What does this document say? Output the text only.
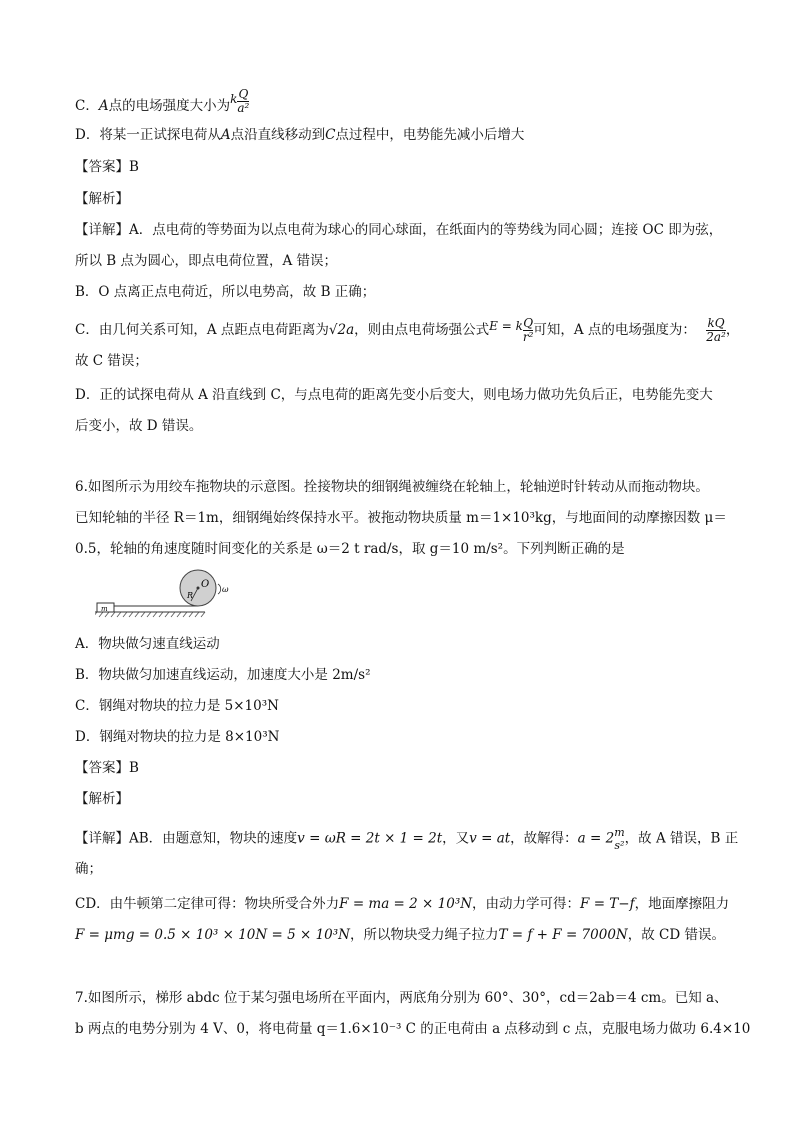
C．A点的电场强度大小为k $\frac{Q}{\text{a²}}$
D．将某一正试探电荷从A点沿直线移动到C点过程中，电势能先减小后增大
【答案】B
【解析】
【详解】A．点电荷的等势面为以点电荷为球心的同心球面，在纸面内的等势线为同心圆；连接 OC 即为弦，
所以 B 点为圆心，即点电荷位置，A 错误；
B．O 点离正点电荷近，所以电势高，故 B 正确；
C．由几何关系可知，A 点距点电荷距离为√2a，则由点电荷场强公式E = k $\frac{Q}{\text{r²}}$ 可知，A 点的电场强度为： $\frac{kQ}{\text{2a²}}$ ，
故 C 错误；
D．正的试探电荷从 A 沿直线到 C，与点电荷的距离先变小后变大，则电场力做功先负后正，电势能先变大
后变小，故 D 错误。
6.如图所示为用绞车拖物块的示意图。拴接物块的细钢绳被缠绕在轮轴上，轮轴逆时针转动从而拖动物块。
已知轮轴的半径 R＝1m，细钢绳始终保持水平。被拖动物块质量 m＝1×10³kg，与地面间的动摩擦因数 μ＝
0.5，轮轴的角速度随时间变化的关系是 ω＝2 t rad/s，取 g＝10 m/s²。下列判断正确的是
m
O
R
ω
A．物块做匀速直线运动
B．物块做匀加速直线运动，加速度大小是 2m/s²
C．钢绳对物块的拉力是 5×10³N
D．钢绳对物块的拉力是 8×10³N
【答案】B
【解析】
【详解】AB．由题意知，物块的速度v = ωR = 2t × 1 = 2t，又v = at，故解得：a = 2 m
s² ，故 A 错误，B 正
确；
CD．由牛顿第二定律可得：物块所受合外力F = ma = 2 × 10³N，由动力学可得：F = T−f，地面摩擦阻力
F = μmg = 0.5 × 10³ × 10N = 5 × 10³N，所以物块受力绳子拉力T = f + F = 7000N，故 CD 错误。
7.如图所示，梯形 abdc 位于某匀强电场所在平面内，两底角分别为 60°、30°，cd＝2ab＝4 cm。已知 a、
b 两点的电势分别为 4 V、0，将电荷量 q＝1.6×10⁻³ C 的正电荷由 a 点移动到 c 点，克服电场力做功 6.4×10
